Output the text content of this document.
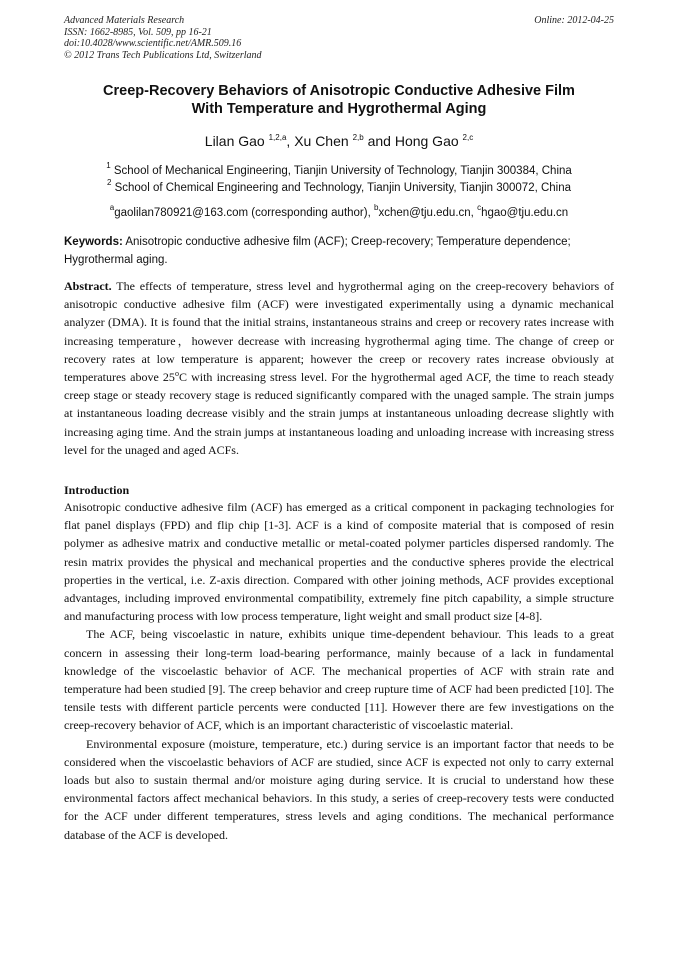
Advanced Materials Research	Online: 2012-04-25
ISSN: 1662-8985, Vol. 509, pp 16-21
doi:10.4028/www.scientific.net/AMR.509.16
© 2012 Trans Tech Publications Ltd, Switzerland
Creep-Recovery Behaviors of Anisotropic Conductive Adhesive Film
With Temperature and Hygrothermal Aging
Lilan Gao $^{1,2,a}$, Xu Chen $^{2,b}$ and Hong Gao $^{2,c}$
$^1$ School of Mechanical Engineering, Tianjin University of Technology, Tianjin 300384, China
$^2$ School of Chemical Engineering and Technology, Tianjin University, Tianjin 300072, China
$^a$gaolilan780921@163.com (corresponding author), $^b$xchen@tju.edu.cn, $^c$hgao@tju.edu.cn
Keywords: Anisotropic conductive adhesive film (ACF); Creep-recovery; Temperature dependence; Hygrothermal aging.

Abstract. The effects of temperature, stress level and hygrothermal aging on the creep-recovery behaviors of anisotropic conductive adhesive film (ACF) were investigated experimentally using a dynamic mechanical analyzer (DMA). It is found that the initial strains, instantaneous strains and creep or recovery rates increase with increasing temperature，however decrease with increasing hygrothermal aging time. The change of creep or recovery rates at low temperature is apparent; however the creep or recovery rates increase obviously at temperatures above 25$^o$C with increasing stress level. For the hygrothermal aged ACF, the time to reach steady creep stage or steady recovery stage is reduced significantly compared with the unaged sample. The strain jumps at instantaneous loading decrease visibly and the strain jumps at instantaneous unloading decrease slightly with increasing aging time. And the strain jumps at instantaneous loading and unloading increase with increasing stress level for the unaged and aged ACFs.

Introduction

Anisotropic conductive adhesive film (ACF) has emerged as a critical component in packaging technologies for flat panel displays (FPD) and flip chip [1-3]. ACF is a kind of composite material that is composed of resin polymer as adhesive matrix and conductive metallic or metal-coated polymer particles dispersed randomly. The resin matrix provides the physical and mechanical properties and the conductive spheres provide the electrical properties in the vertical, i.e. Z-axis direction. Compared with other joining methods, ACF provides exceptional advantages, including improved environmental compatibility, extremely fine pitch capability, a simple structure and manufacturing process with low process temperature, light weight and small product size [4-8].

The ACF, being viscoelastic in nature, exhibits unique time-dependent behaviour. This leads to a great concern in assessing their long-term load-bearing performance, mainly because of a lack in fundamental knowledge of the viscoelastic behavior of ACF. The mechanical properties of ACF with strain rate and temperature had been studied [9]. The creep behavior and creep rupture time of ACF had been predicted [10]. The tensile tests with different particle percents were conducted [11]. However there are few investigations on the creep-recovery behavior of ACF, which is an important characteristic of viscoelastic material.

Environmental exposure (moisture, temperature, etc.) during service is an important factor that needs to be considered when the viscoelastic behaviors of ACF are studied, since ACF is expected not only to carry external loads but also to sustain thermal and/or moisture aging during service. It is crucial to understand how these environmental factors affect mechanical behaviors. In this study, a series of creep-recovery tests were conducted for the ACF under different temperatures, stress levels and aging conditions. The mechanical performance database of the ACF is developed.
